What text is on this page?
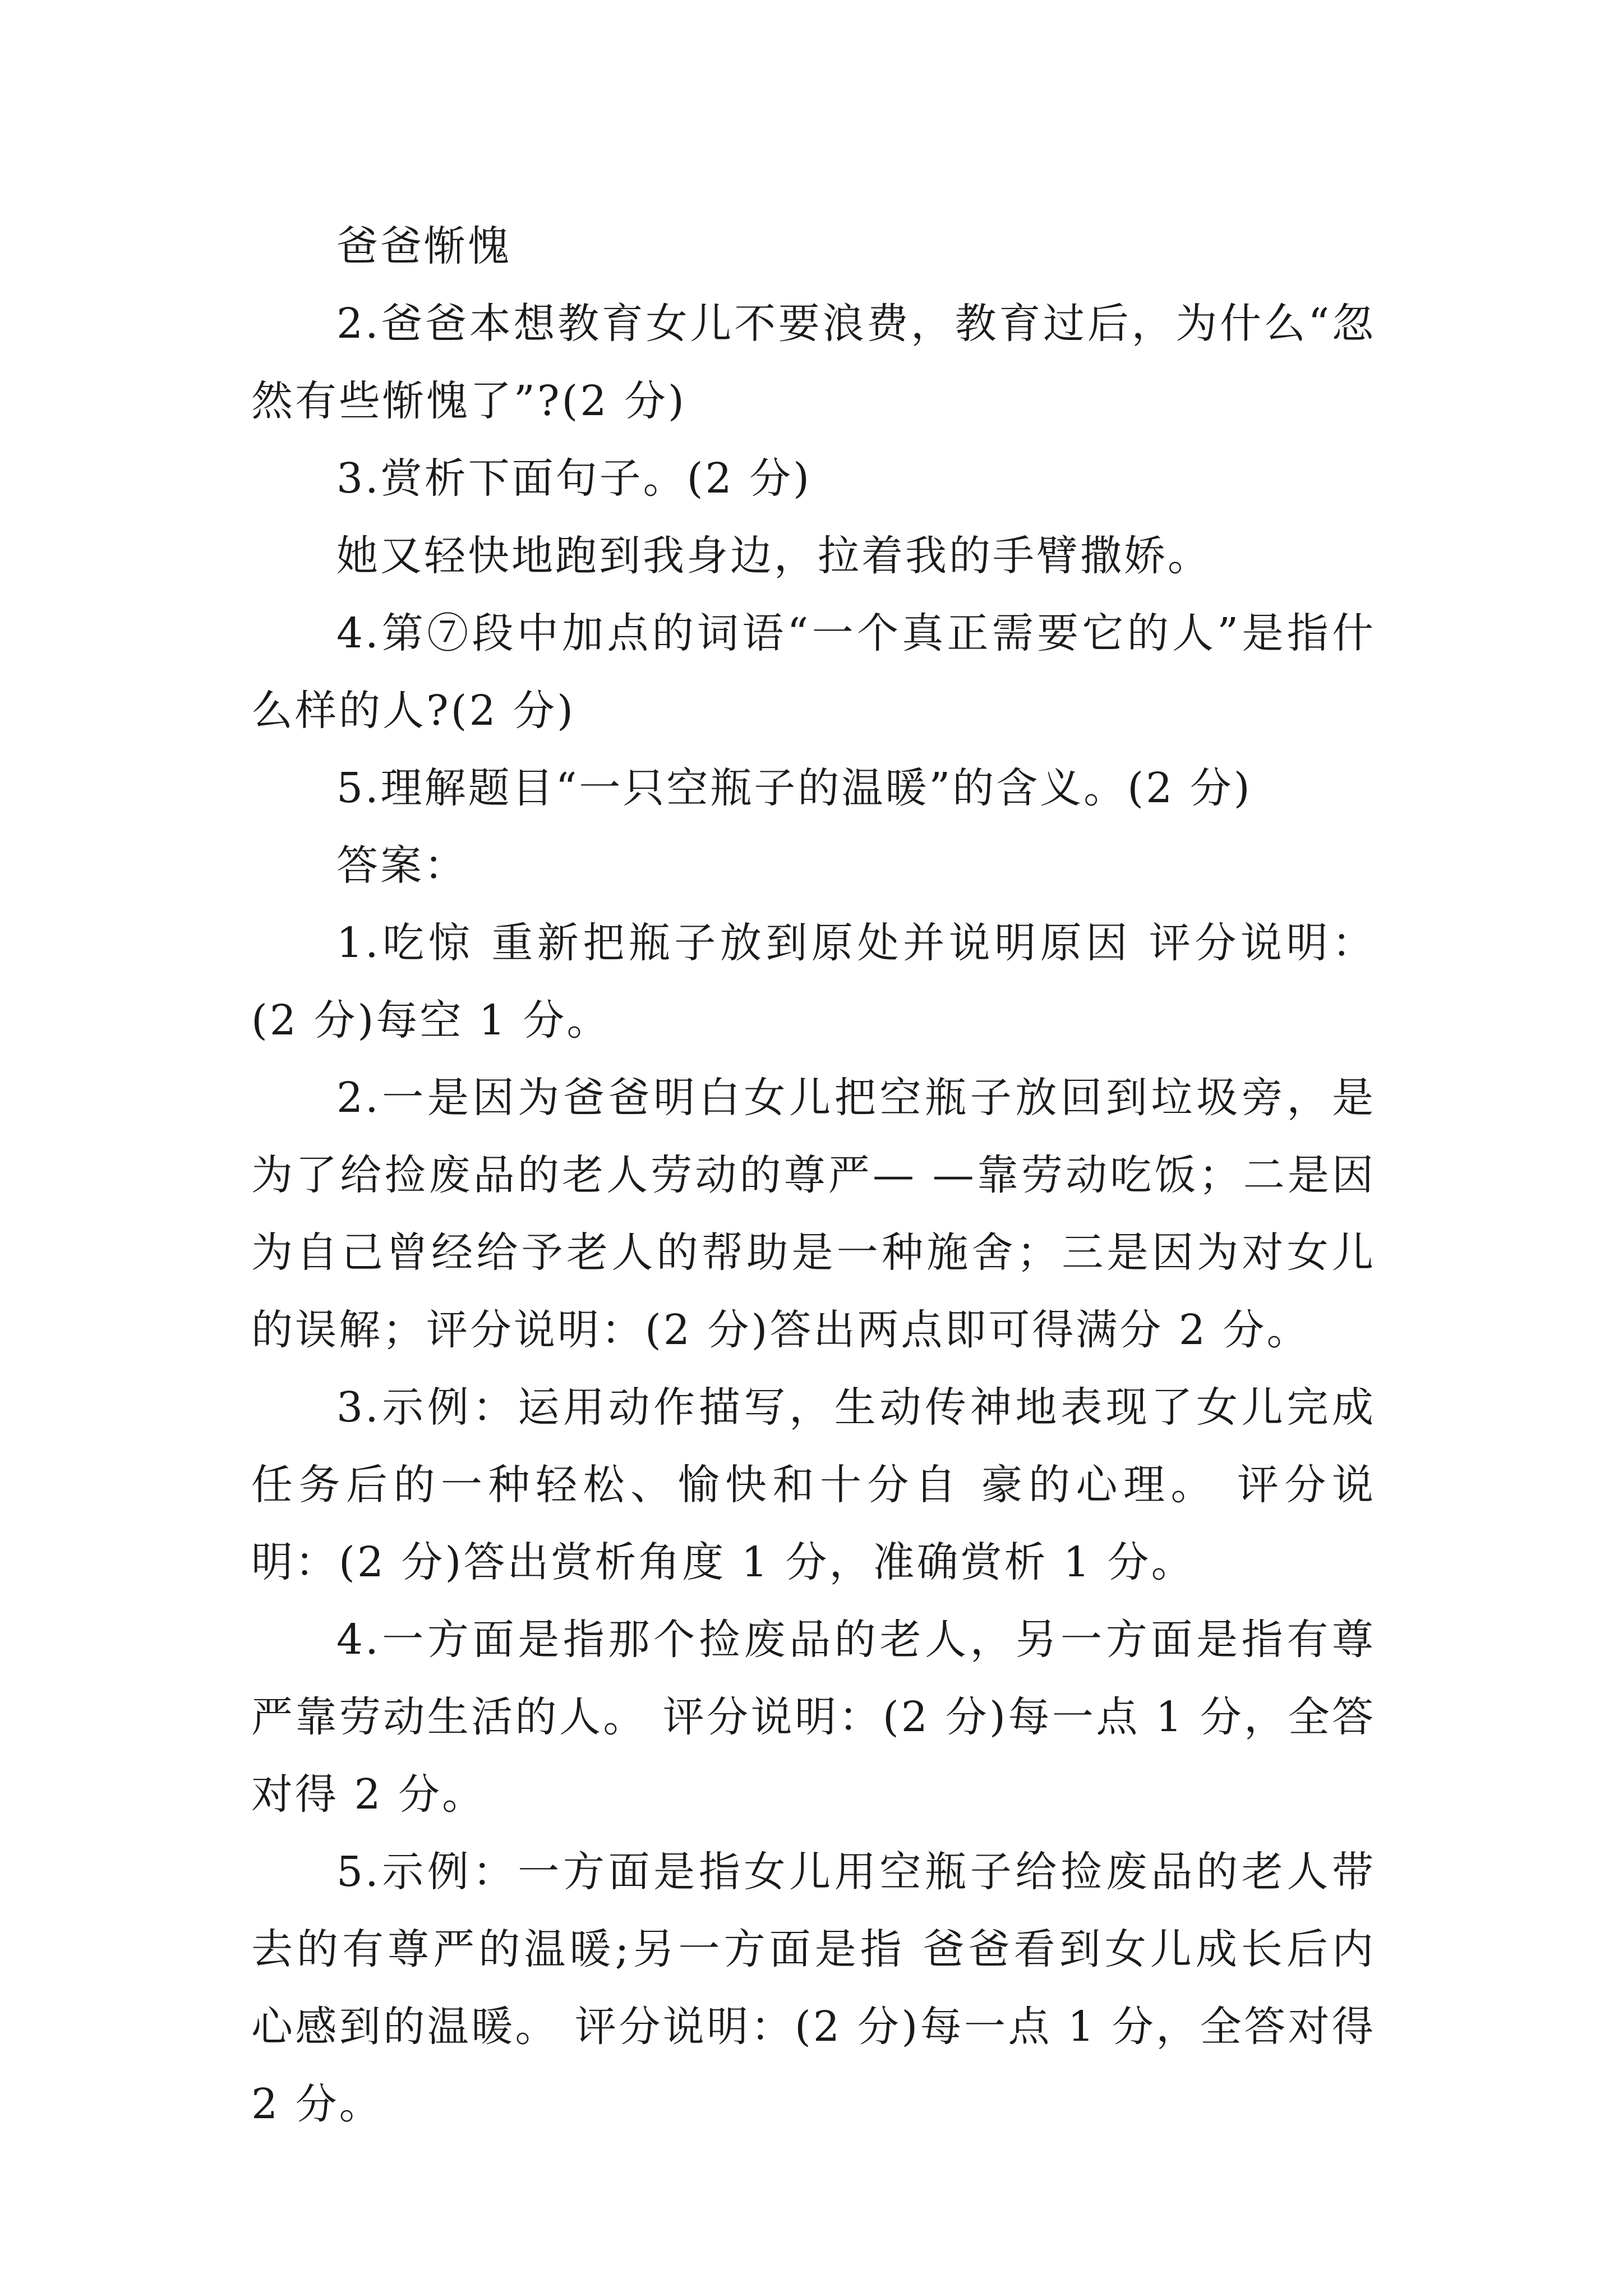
爸爸惭愧

2.爸爸本想教育女儿不要浪费，教育过后，为什么“忽然有些惭愧了”?(2 分)

3.赏析下面句子。(2 分)

她又轻快地跑到我身边，拉着我的手臂撒娇。

4.第⑦段中加点的词语“一个真正需要它的人”是指什么样的人?(2 分)

5.理解题目“一只空瓶子的温暖”的含义。(2 分)

答案：

1.吃惊 重新把瓶子放到原处并说明原因 评分说明：(2 分)每空 1 分。

2.一是因为爸爸明白女儿把空瓶子放回到垃圾旁，是为了给捡废品的老人劳动的尊严— —靠劳动吃饭；二是因为自己曾经给予老人的帮助是一种施舍；三是因为对女儿的误解；评分说明：(2 分)答出两点即可得满分 2 分。

3.示例：运用动作描写，生动传神地表现了女儿完成任务后的一种轻松、愉快和十分自 豪的心理。 评分说明：(2 分)答出赏析角度 1 分，准确赏析 1 分。

4.一方面是指那个捡废品的老人，另一方面是指有尊严靠劳动生活的人。 评分说明：(2 分)每一点 1 分，全答对得 2 分。

5.示例：一方面是指女儿用空瓶子给捡废品的老人带去的有尊严的温暖;另一方面是指 爸爸看到女儿成长后内心感到的温暖。 评分说明：(2 分)每一点 1 分，全答对得 2 分。
